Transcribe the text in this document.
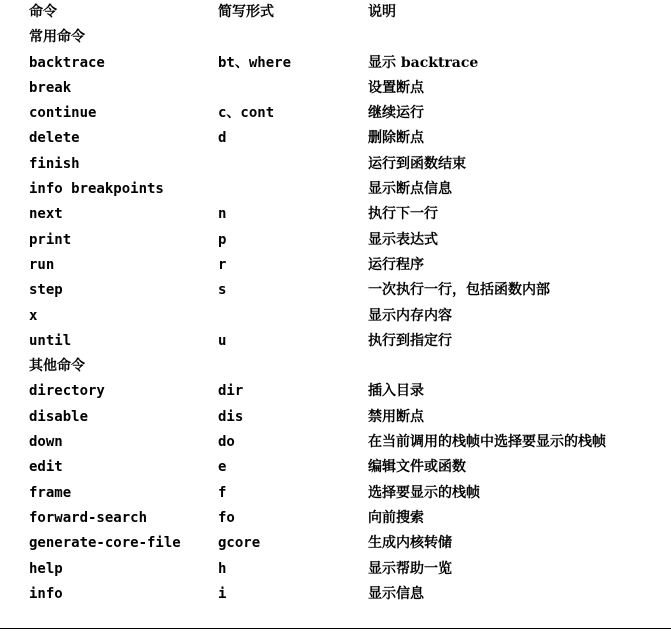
命令	简写形式	说明
常用命令		
backtrace	bt、where	显示 backtrace
break		设置断点
continue	c、cont	继续运行
delete	d	删除断点
finish		运行到函数结束
info breakpoints		显示断点信息
next	n	执行下一行
print	p	显示表达式
run	r	运行程序
step	s	一次执行一行，包括函数内部
x		显示内存内容
until	u	执行到指定行
其他命令		
directory	dir	插入目录
disable	dis	禁用断点
down	do	在当前调用的栈帧中选择要显示的栈帧
edit	e	编辑文件或函数
frame	f	选择要显示的栈帧
forward-search	fo	向前搜索
generate-core-file	gcore	生成内核转储
help	h	显示帮助一览
info	i	显示信息
